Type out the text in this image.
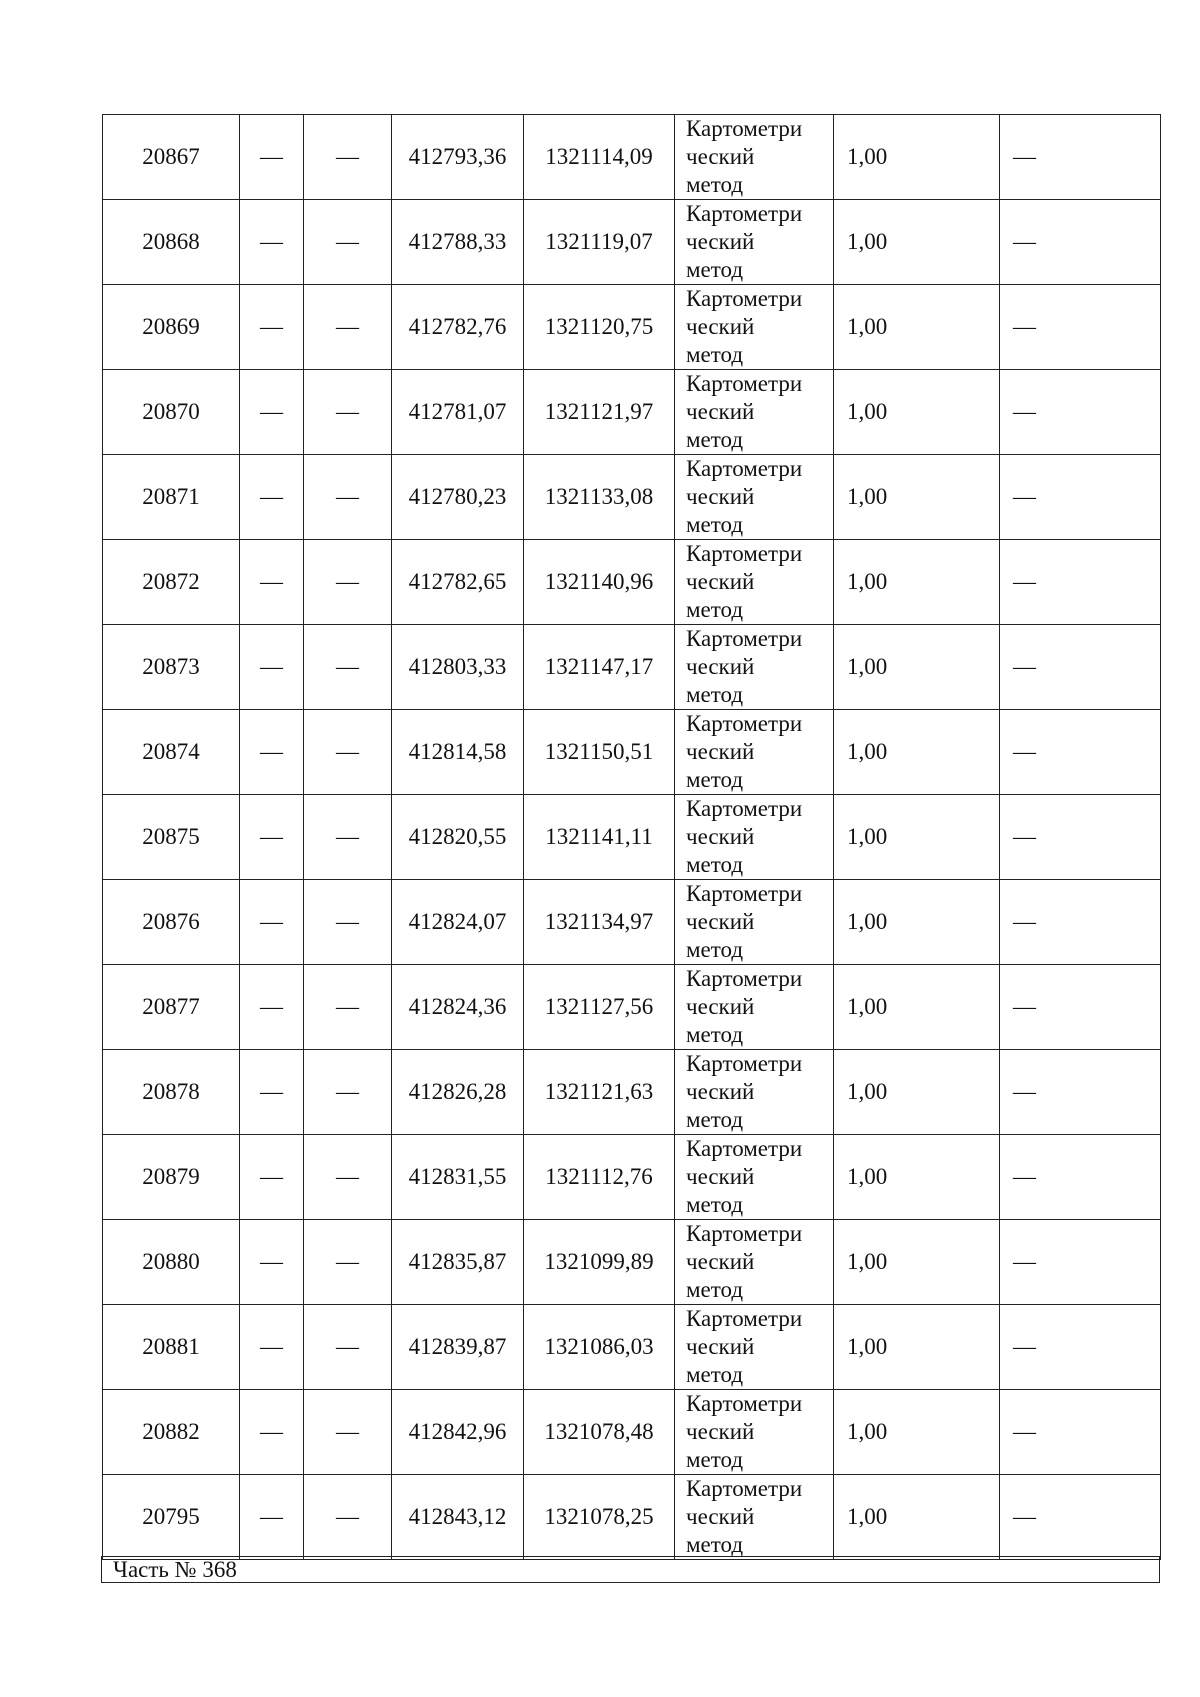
20867	—	—	412793,36	1321114,09	Картометри
ческий
метод	1,00	—
20868	—	—	412788,33	1321119,07	Картометри
ческий
метод	1,00	—
20869	—	—	412782,76	1321120,75	Картометри
ческий
метод	1,00	—
20870	—	—	412781,07	1321121,97	Картометри
ческий
метод	1,00	—
20871	—	—	412780,23	1321133,08	Картометри
ческий
метод	1,00	—
20872	—	—	412782,65	1321140,96	Картометри
ческий
метод	1,00	—
20873	—	—	412803,33	1321147,17	Картометри
ческий
метод	1,00	—
20874	—	—	412814,58	1321150,51	Картометри
ческий
метод	1,00	—
20875	—	—	412820,55	1321141,11	Картометри
ческий
метод	1,00	—
20876	—	—	412824,07	1321134,97	Картометри
ческий
метод	1,00	—
20877	—	—	412824,36	1321127,56	Картометри
ческий
метод	1,00	—
20878	—	—	412826,28	1321121,63	Картометри
ческий
метод	1,00	—
20879	—	—	412831,55	1321112,76	Картометри
ческий
метод	1,00	—
20880	—	—	412835,87	1321099,89	Картометри
ческий
метод	1,00	—
20881	—	—	412839,87	1321086,03	Картометри
ческий
метод	1,00	—
20882	—	—	412842,96	1321078,48	Картометри
ческий
метод	1,00	—
20795	—	—	412843,12	1321078,25	Картометри
ческий
метод	1,00	—
Часть № 368
